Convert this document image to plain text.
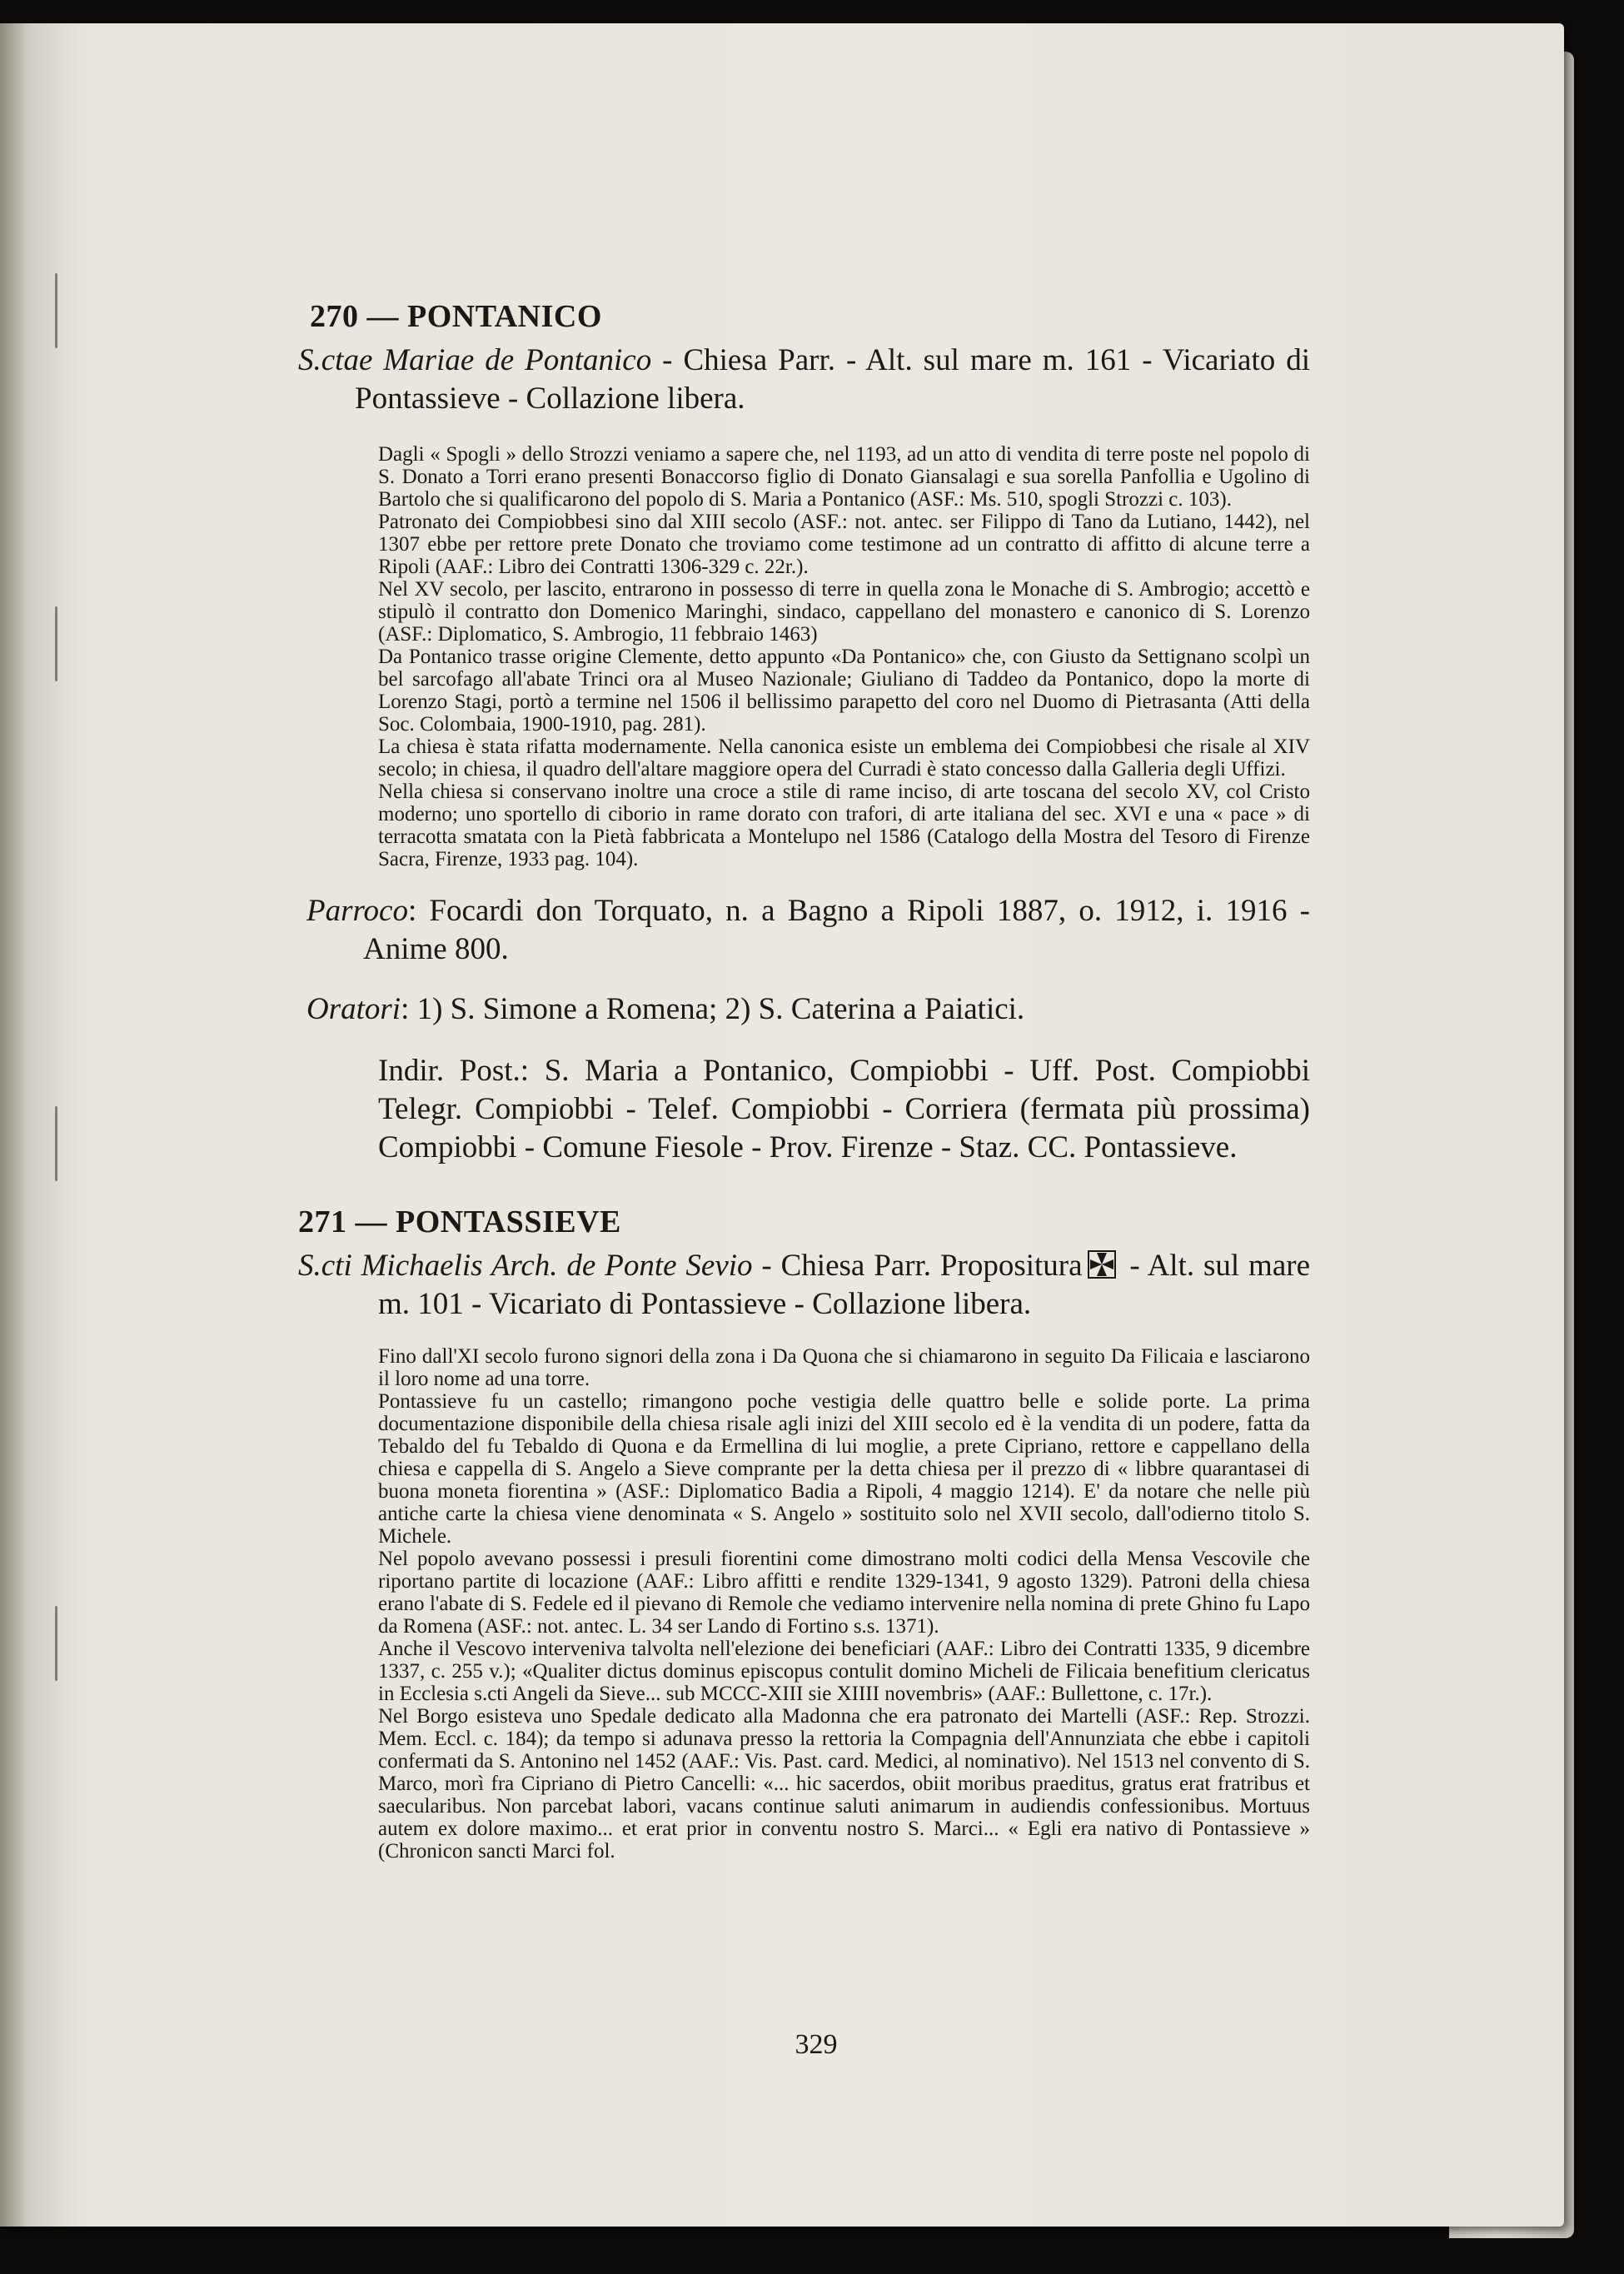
270 — PONTANICO

S.ctae Mariae de Pontanico - Chiesa Parr. - Alt. sul mare m. 161 - Vicariato di Pontassieve - Collazione libera.

Dagli « Spogli » dello Strozzi veniamo a sapere che, nel 1193, ad un atto di vendita di terre poste nel popolo di S. Donato a Torri erano presenti Bonaccorso figlio di Donato Giansalagi e sua sorella Panfollia e Ugolino di Bartolo che si qualificarono del popolo di S. Maria a Pontanico (ASF.: Ms. 510, spogli Strozzi c. 103).

Patronato dei Compiobbesi sino dal XIII secolo (ASF.: not. antec. ser Filippo di Tano da Lutiano, 1442), nel 1307 ebbe per rettore prete Donato che troviamo come testimone ad un contratto di affitto di alcune terre a Ripoli (AAF.: Libro dei Contratti 1306-329 c. 22r.).

Nel XV secolo, per lascito, entrarono in possesso di terre in quella zona le Monache di S. Ambrogio; accettò e stipulò il contratto don Domenico Maringhi, sindaco, cappellano del monastero e canonico di S. Lorenzo (ASF.: Diplomatico, S. Ambrogio, 11 febbraio 1463)

Da Pontanico trasse origine Clemente, detto appunto «Da Pontanico» che, con Giusto da Settignano scolpì un bel sarcofago all'abate Trinci ora al Museo Nazionale; Giuliano di Taddeo da Pontanico, dopo la morte di Lorenzo Stagi, portò a termine nel 1506 il bellissimo parapetto del coro nel Duomo di Pietrasanta (Atti della Soc. Colombaia, 1900-1910, pag. 281).

La chiesa è stata rifatta modernamente. Nella canonica esiste un emblema dei Compiobbesi che risale al XIV secolo; in chiesa, il quadro dell'altare maggiore opera del Curradi è stato concesso dalla Galleria degli Uffizi.

Nella chiesa si conservano inoltre una croce a stile di rame inciso, di arte toscana del secolo XV, col Cristo moderno; uno sportello di ciborio in rame dorato con trafori, di arte italiana del sec. XVI e una « pace » di terracotta smatata con la Pietà fabbricata a Montelupo nel 1586 (Catalogo della Mostra del Tesoro di Firenze Sacra, Firenze, 1933 pag. 104).

Parroco: Focardi don Torquato, n. a Bagno a Ripoli 1887, o. 1912, i. 1916 - Anime 800.

Oratori: 1) S. Simone a Romena; 2) S. Caterina a Paiatici.

Indir. Post.: S. Maria a Pontanico, Compiobbi - Uff. Post. Compiobbi Telegr. Compiobbi - Telef. Compiobbi - Corriera (fermata più prossima) Compiobbi - Comune Fiesole - Prov. Firenze - Staz. CC. Pontassieve.

271 — PONTASSIEVE

S.cti Michaelis Arch. de Ponte Sevio - Chiesa Parr. Propositura - Alt. sul mare m. 101 - Vicariato di Pontassieve - Collazione libera.

Fino dall'XI secolo furono signori della zona i Da Quona che si chiamarono in seguito Da Filicaia e lasciarono il loro nome ad una torre.

Pontassieve fu un castello; rimangono poche vestigia delle quattro belle e solide porte. La prima documentazione disponibile della chiesa risale agli inizi del XIII secolo ed è la vendita di un podere, fatta da Tebaldo del fu Tebaldo di Quona e da Ermellina di lui moglie, a prete Cipriano, rettore e cappellano della chiesa e cappella di S. Angelo a Sieve comprante per la detta chiesa per il prezzo di « libbre quarantasei di buona moneta fiorentina » (ASF.: Diplomatico Badia a Ripoli, 4 maggio 1214). E' da notare che nelle più antiche carte la chiesa viene denominata « S. Angelo » sostituito solo nel XVII secolo, dall'odierno titolo S. Michele.

Nel popolo avevano possessi i presuli fiorentini come dimostrano molti codici della Mensa Vescovile che riportano partite di locazione (AAF.: Libro affitti e rendite 1329-1341, 9 agosto 1329). Patroni della chiesa erano l'abate di S. Fedele ed il pievano di Remole che vediamo intervenire nella nomina di prete Ghino fu Lapo da Romena (ASF.: not. antec. L. 34 ser Lando di Fortino s.s. 1371).

Anche il Vescovo interveniva talvolta nell'elezione dei beneficiari (AAF.: Libro dei Contratti 1335, 9 dicembre 1337, c. 255 v.); «Qualiter dictus dominus episcopus contulit domino Micheli de Filicaia benefitium clericatus in Ecclesia s.cti Angeli da Sieve... sub MCCC-XIII sie XIIII novembris» (AAF.: Bullettone, c. 17r.).

Nel Borgo esisteva uno Spedale dedicato alla Madonna che era patronato dei Martelli (ASF.: Rep. Strozzi. Mem. Eccl. c. 184); da tempo si adunava presso la rettoria la Compagnia dell'Annunziata che ebbe i capitoli confermati da S. Antonino nel 1452 (AAF.: Vis. Past. card. Medici, al nominativo). Nel 1513 nel convento di S. Marco, morì fra Cipriano di Pietro Cancelli: «... hic sacerdos, obiit moribus praeditus, gratus erat fratribus et saecularibus. Non parcebat labori, vacans continue saluti animarum in audiendis confessionibus. Mortuus autem ex dolore maximo... et erat prior in conventu nostro S. Marci... « Egli era nativo di Pontassieve » (Chronicon sancti Marci fol.

329
